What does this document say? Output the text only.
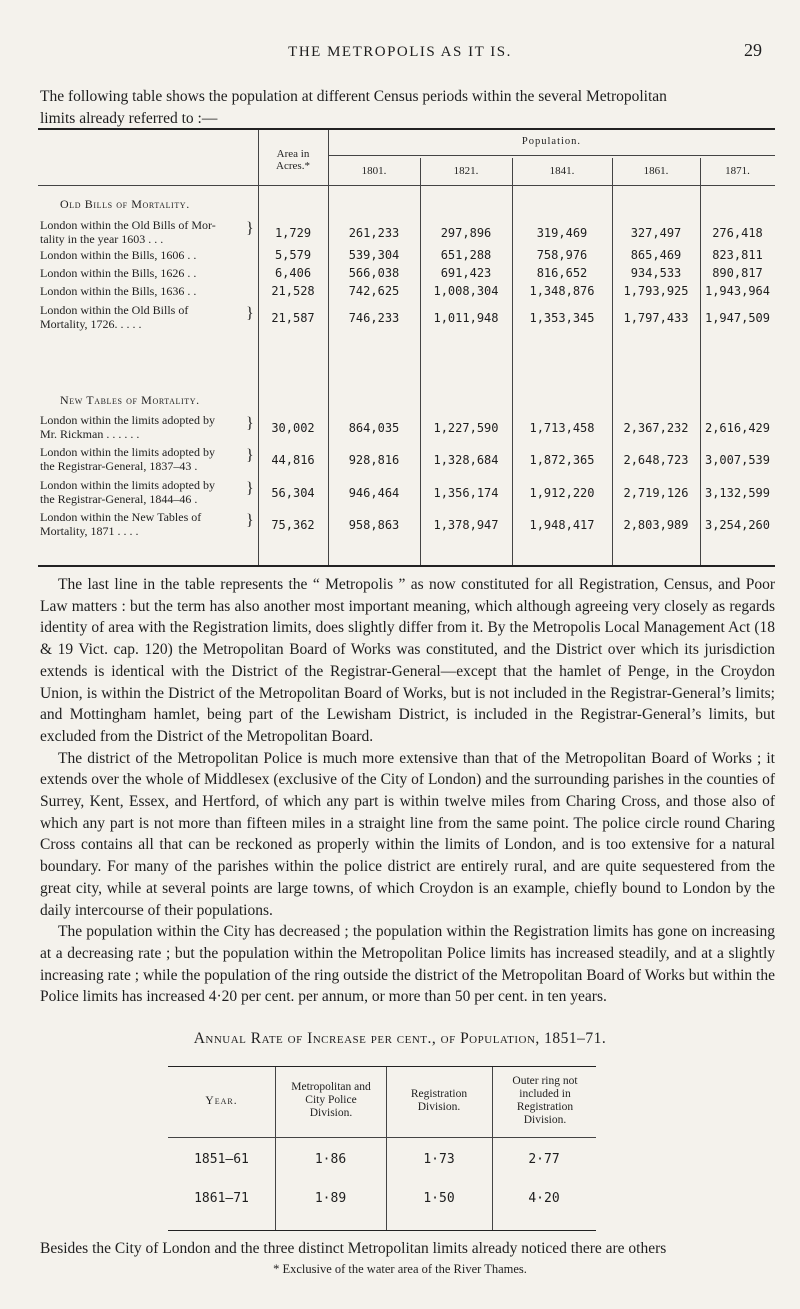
THE METROPOLIS AS IT IS.	29
The following table shows the population at different Census periods within the several Metropolitan
limits already referred to :—
Area in
Acres.*
Population.
1801.	1821.	1841.	1861.	1871.
Old Bills of Mortality.
New Tables of Mortality.
}
London within the Old Bills of Mor-
tality in the year 1603 . . .	1,729	261,233	297,896	319,469	327,497	276,418
London within the Bills, 1606 . .	5,579	539,304	651,288	758,976	865,469	823,811
London within the Bills, 1626 . .	6,406	566,038	691,423	816,652	934,533	890,817
London within the Bills, 1636 . .	21,528	742,625	1,008,304	1,348,876	1,793,925	1,943,964
}
London within the Old Bills of
Mortality, 1726. . . . .	21,587	746,233	1,011,948	1,353,345	1,797,433	1,947,509
}
London within the limits adopted by
Mr. Rickman . . . . . .	30,002	864,035	1,227,590	1,713,458	2,367,232	2,616,429
}
London within the limits adopted by
the Registrar-General, 1837–43 .	44,816	928,816	1,328,684	1,872,365	2,648,723	3,007,539
}
London within the limits adopted by
the Registrar-General, 1844–46 .	56,304	946,464	1,356,174	1,912,220	2,719,126	3,132,599
}
London within the New Tables of
Mortality, 1871 . . . .	75,362	958,863	1,378,947	1,948,417	2,803,989	3,254,260

The last line in the table represents the “ Metropolis ” as now constituted for all Registration, Census, and Poor Law matters : but the term has also another most important meaning, which although agreeing very closely as regards identity of area with the Registration limits, does slightly differ from it. By the Metropolis Local Management Act (18 & 19 Vict. cap. 120) the Metropolitan Board of Works was constituted, and the District over which its jurisdiction extends is identical with the District of the Registrar-General—except that the hamlet of Penge, in the Croydon Union, is within the District of the Metropolitan Board of Works, but is not included in the Registrar-General’s limits; and Mottingham hamlet, being part of the Lewisham District, is included in the Registrar-General’s limits, but excluded from the District of the Metropolitan Board.

The district of the Metropolitan Police is much more extensive than that of the Metropolitan Board of Works ; it extends over the whole of Middlesex (exclusive of the City of London) and the surrounding parishes in the counties of Surrey, Kent, Essex, and Hertford, of which any part is within twelve miles from Charing Cross, and those also of which any part is not more than fifteen miles in a straight line from the same point. The police circle round Charing Cross contains all that can be reckoned as properly within the limits of London, and is too extensive for a natural boundary. For many of the parishes within the police district are entirely rural, and are quite sequestered from the great city, while at several points are large towns, of which Croydon is an example, chiefly bound to London by the daily intercourse of their populations.

The population within the City has decreased ; the population within the Registration limits has gone on increasing at a decreasing rate ; but the population within the Metropolitan Police limits has increased steadily, and at a slightly increasing rate ; while the population of the ring outside the district of the Metropolitan Board of Works but within the Police limits has increased 4·20 per cent. per annum, or more than 50 per cent. in ten years.

Annual Rate of Increase per cent., of Population, 1851–71.
Year.
Metropolitan and City Police Division.
Registration Division.
Outer ring not included in Registration Division.
1851–61	1·86	1·73	2·77
1861–71	1·89	1·50	4·20
Besides the City of London and the three distinct Metropolitan limits already noticed there are others
* Exclusive of the water area of the River Thames.
